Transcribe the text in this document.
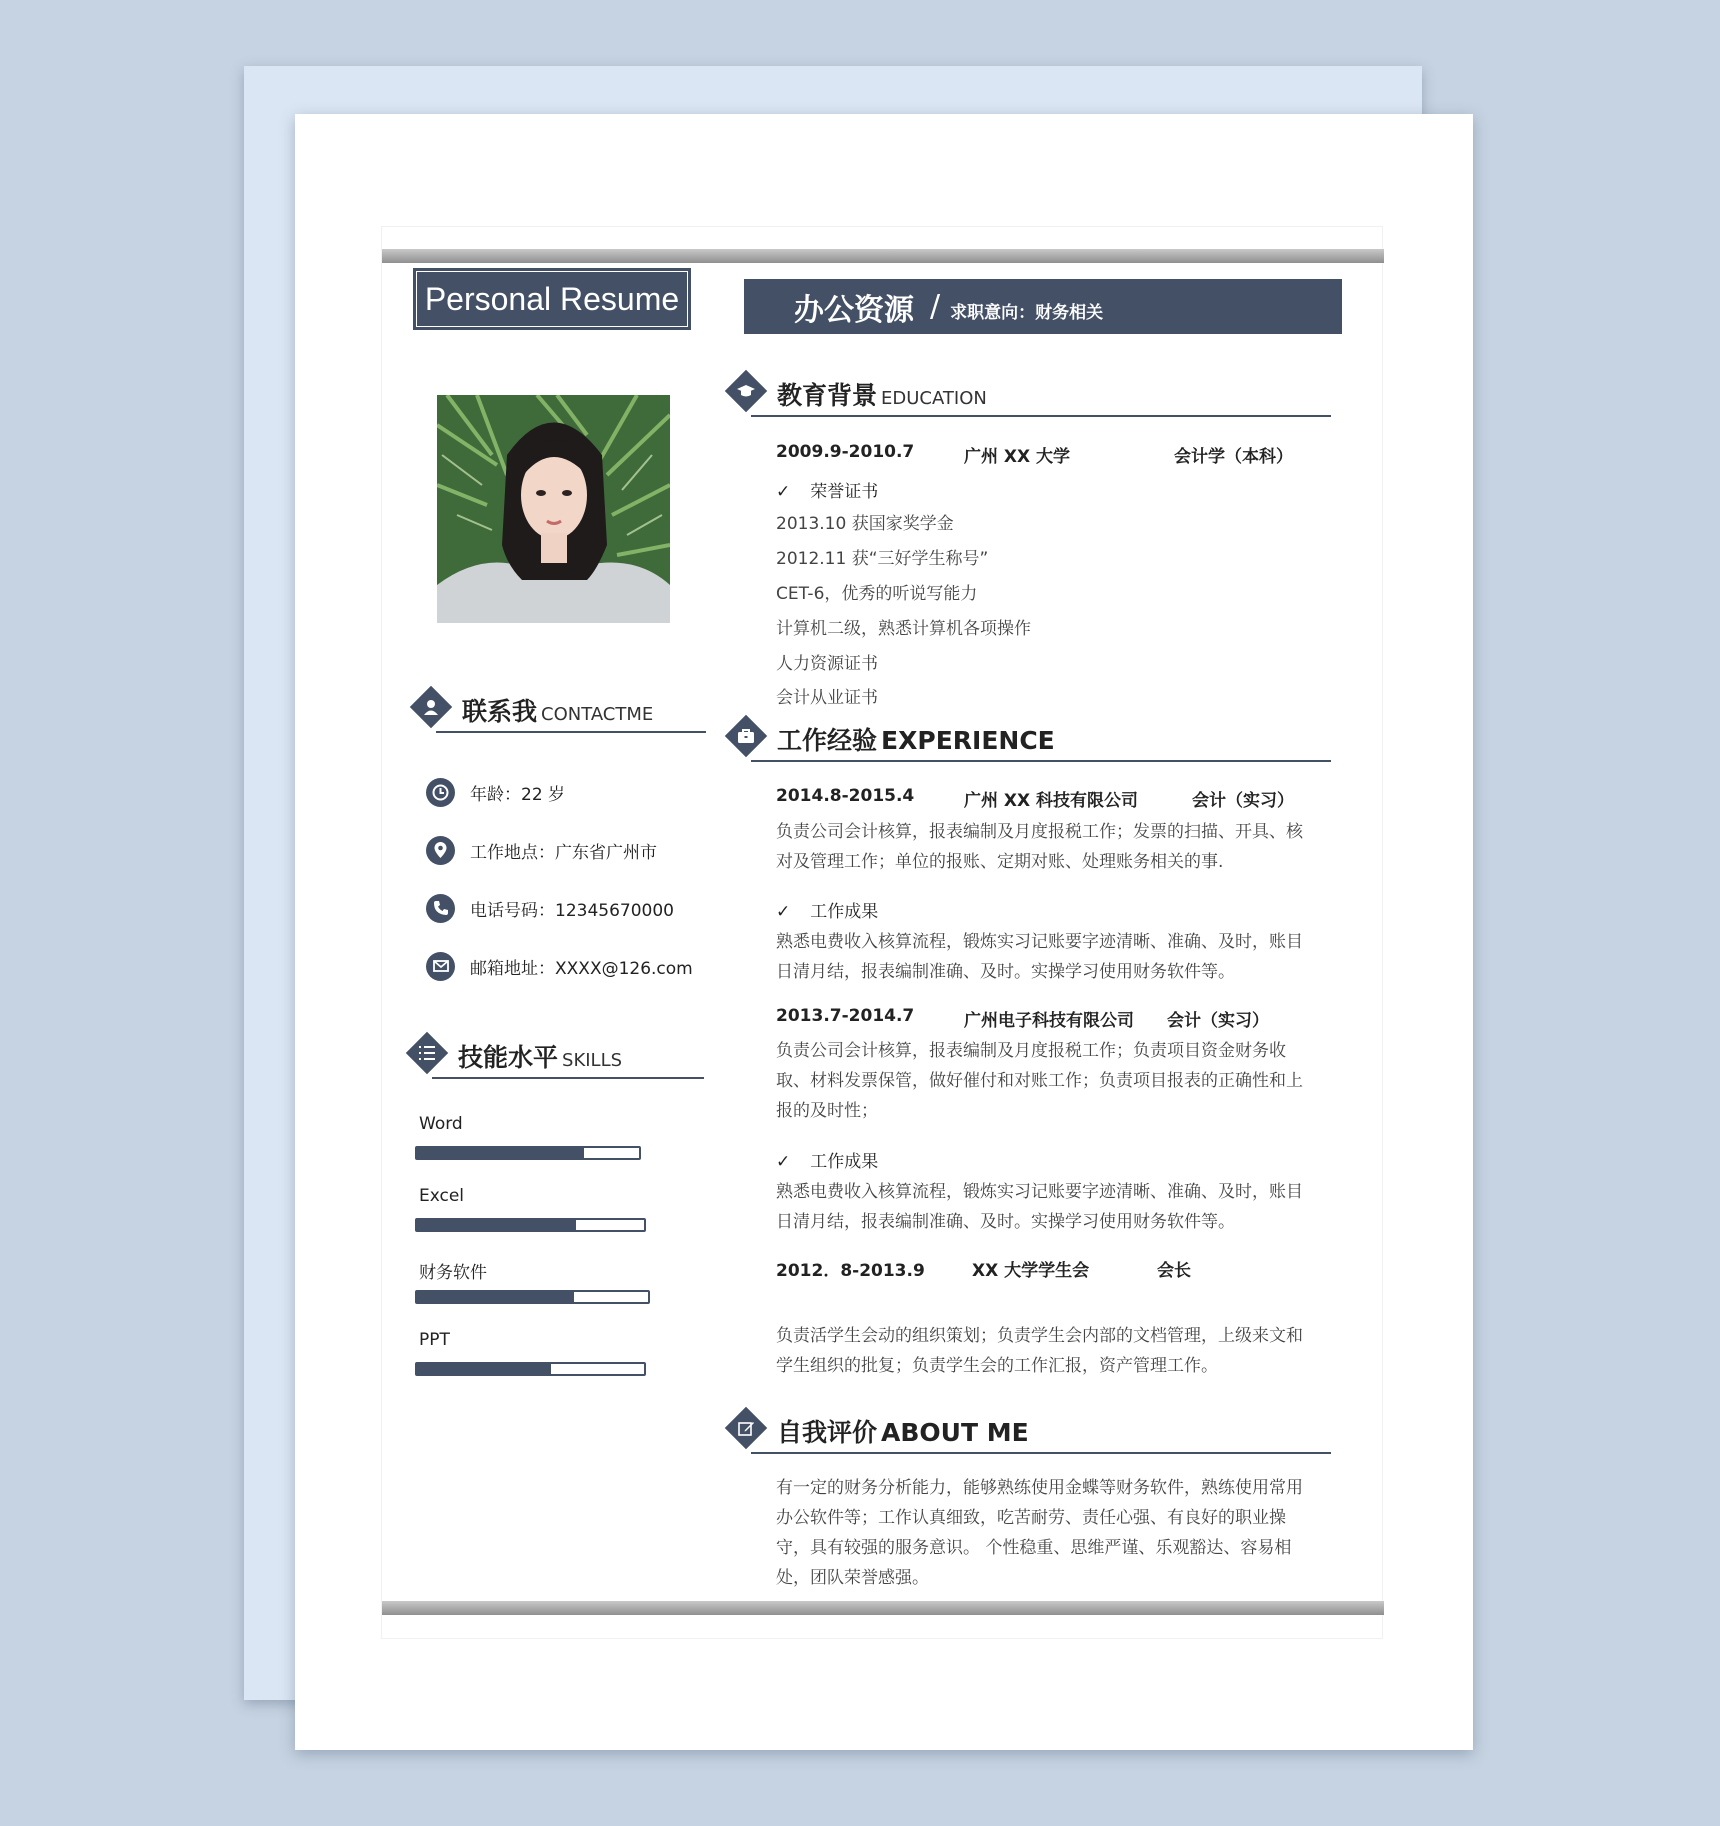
Personal Resume	办公资源 / 求职意向：财务相关
联系我 CONTACTME
年龄：22 岁
工作地点：广东省广州市
电话号码：12345670000
邮箱地址：XXXX@126.com
技能水平 SKILLS
Word
Excel
财务软件
PPT
教育背景 EDUCATION
2009.9-2010.7	广州 XX 大学	会计学（本科）
✓ 荣誉证书
2013.10 获国家奖学金
2012.11 获“三好学生称号”
CET-6，优秀的听说写能力
计算机二级，熟悉计算机各项操作
人力资源证书
会计从业证书
工作经验 EXPERIENCE
2014.8-2015.4	广州 XX 科技有限公司	会计（实习）
负责公司会计核算，报表编制及月度报税工作；发票的扫描、开具、核对及管理工作；单位的报账、定期对账、处理账务相关的事.
✓ 工作成果
熟悉电费收入核算流程，锻炼实习记账要字迹清晰、准确、及时，账目日清月结，报表编制准确、及时。实操学习使用财务软件等。
2013.7-2014.7	广州电子科技有限公司 会计（实习）
负责公司会计核算，报表编制及月度报税工作；负责项目资金财务收取、材料发票保管，做好催付和对账工作；负责项目报表的正确性和上报的及时性；
✓ 工作成果
熟悉电费收入核算流程，锻炼实习记账要字迹清晰、准确、及时，账目日清月结，报表编制准确、及时。实操学习使用财务软件等。
2012．8-2013.9	XX 大学学生会	会长
负责活学生会动的组织策划；负责学生会内部的文档管理，上级来文和学生组织的批复；负责学生会的工作汇报，资产管理工作。
自我评价 ABOUT ME
有一定的财务分析能力，能够熟练使用金蝶等财务软件，熟练使用常用办公软件等；工作认真细致，吃苦耐劳、责任心强、有良好的职业操守，具有较强的服务意识。 个性稳重、思维严谨、乐观豁达、容易相处，团队荣誉感强。
